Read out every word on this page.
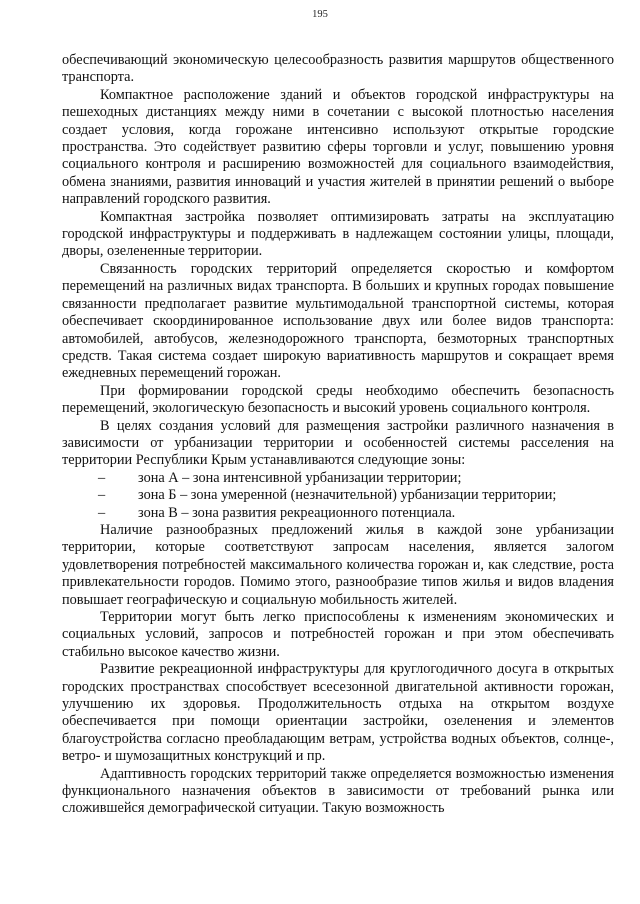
195

обеспечивающий экономическую целесообразность развития маршрутов общественного транспорта.

Компактное расположение зданий и объектов городской инфраструктуры на пешеходных дистанциях между ними в сочетании с высокой плотностью населения создает условия, когда горожане интенсивно используют открытые городские пространства. Это содействует развитию сферы торговли и услуг, повышению уровня социального контроля и расширению возможностей для социального взаимодействия, обмена знаниями, развития инноваций и участия жителей в принятии решений о выборе направлений городского развития.

Компактная застройка позволяет оптимизировать затраты на эксплуатацию городской инфраструктуры и поддерживать в надлежащем состоянии улицы, площади, дворы, озелененные территории.

Связанность городских территорий определяется скоростью и комфортом перемещений на различных видах транспорта. В больших и крупных городах повышение связанности предполагает развитие мультимодальной транспортной системы, которая обеспечивает скоординированное использование двух или более видов транспорта: автомобилей, автобусов, железнодорожного транспорта, безмоторных транспортных средств. Такая система создает широкую вариативность маршрутов и сокращает время ежедневных перемещений горожан.

При формировании городской среды необходимо обеспечить безопасность перемещений, экологическую безопасность и высокий уровень социального контроля.

В целях создания условий для размещения застройки различного назначения в зависимости от урбанизации территории и особенностей системы расселения на территории Республики Крым устанавливаются следующие зоны:

– зона А – зона интенсивной урбанизации территории;
– зона Б – зона умеренной (незначительной) урбанизации территории;
– зона В – зона развития рекреационного потенциала.

Наличие разнообразных предложений жилья в каждой зоне урбанизации территории, которые соответствуют запросам населения, является залогом удовлетворения потребностей максимального количества горожан и, как следствие, роста привлекательности городов. Помимо этого, разнообразие типов жилья и видов владения повышает географическую и социальную мобильность жителей.

Территории могут быть легко приспособлены к изменениям экономических и социальных условий, запросов и потребностей горожан и при этом обеспечивать стабильно высокое качество жизни.

Развитие рекреационной инфраструктуры для круглогодичного досуга в открытых городских пространствах способствует всесезонной двигательной активности горожан, улучшению их здоровья. Продолжительность отдыха на открытом воздухе обеспечивается при помощи ориентации застройки, озеленения и элементов благоустройства согласно преобладающим ветрам, устройства водных объектов, солнце-, ветро- и шумозащитных конструкций и пр.

Адаптивность городских территорий также определяется возможностью изменения функционального назначения объектов в зависимости от требований рынка или сложившейся демографической ситуации. Такую возможность
